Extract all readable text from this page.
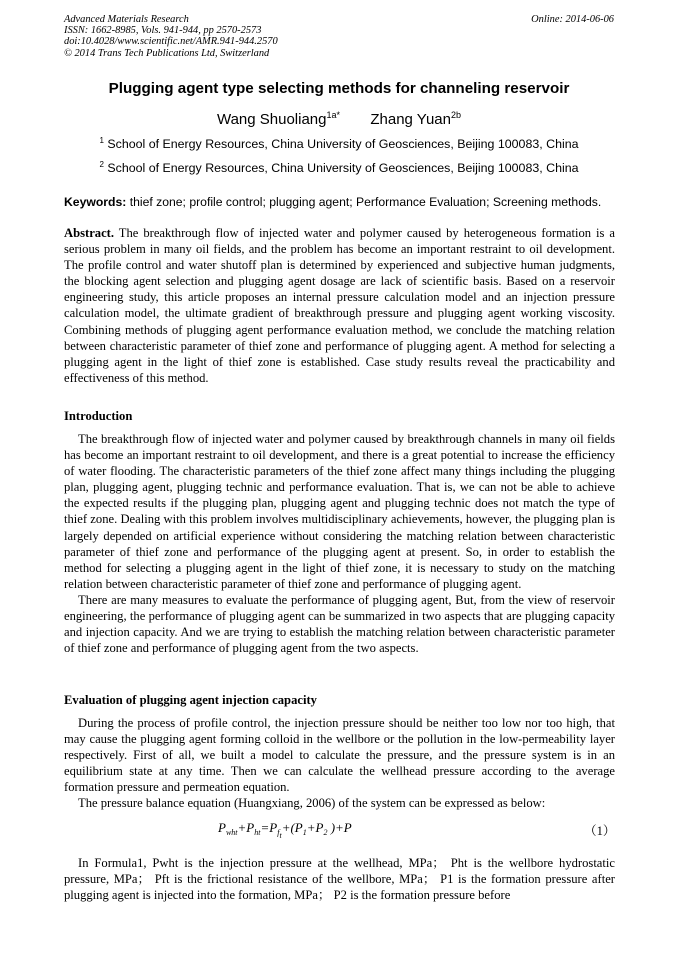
Advanced Materials Research
ISSN: 1662-8985, Vols. 941-944, pp 2570-2573
doi:10.4028/www.scientific.net/AMR.941-944.2570
© 2014 Trans Tech Publications Ltd, Switzerland
Online: 2014-06-06
Plugging agent type selecting methods for channeling reservoir
Wang Shuoliang$^{1a*}$ Zhang Yuan$^{2b}$
$^1$ School of Energy Resources, China University of Geosciences, Beijing 100083, China
$^2$ School of Energy Resources, China University of Geosciences, Beijing 100083, China
Keywords: thief zone; profile control; plugging agent; Performance Evaluation; Screening methods.

Abstract. The breakthrough flow of injected water and polymer caused by heterogeneous formation is a serious problem in many oil fields, and the problem has become an important restraint to oil development. The profile control and water shutoff plan is determined by experienced and subjective human judgments, the blocking agent selection and plugging agent dosage are lack of scientific basis. Based on a reservoir engineering study, this article proposes an internal pressure calculation model and an injection pressure calculation model, the ultimate gradient of breakthrough pressure and plugging agent working viscosity. Combining methods of plugging agent performance evaluation method, we conclude the matching relation between characteristic parameter of thief zone and performance of plugging agent. A method for selecting a plugging agent in the light of thief zone is established. Case study results reveal the practicability and effectiveness of this method.

Introduction

The breakthrough flow of injected water and polymer caused by breakthrough channels in many oil fields has become an important restraint to oil development, and there is a great potential to increase the efficiency of water flooding. The characteristic parameters of the thief zone affect many things including the plugging plan, plugging agent, plugging technic and performance evaluation. That is, we can not be able to achieve the expected results if the plugging plan, plugging agent and plugging technic does not match the type of thief zone. Dealing with this problem involves multidisciplinary achievements, however, the plugging plan is largely depended on artificial experience without considering the matching relation between characteristic parameter of thief zone and performance of the plugging agent at present. So, in order to establish the method for selecting a plugging agent in the light of thief zone, it is necessary to study on the matching relation between characteristic parameter of thief zone and performance of plugging agent.

There are many measures to evaluate the performance of plugging agent, But, from the view of reservoir engineering, the performance of plugging agent can be summarized in two aspects that are plugging capacity and injection capacity. And we are trying to establish the matching relation between characteristic parameter of thief zone and performance of plugging agent from the two aspects.

Evaluation of plugging agent injection capacity

During the process of profile control, the injection pressure should be neither too low nor too high, that may cause the plugging agent forming colloid in the wellbore or the pollution in the low-permeability layer respectively. First of all, we built a model to calculate the pressure, and the pressure system is in an equilibrium state at any time. Then we can calculate the wellhead pressure according to the average formation pressure and permeation equation.

The pressure balance equation (Huangxiang, 2006) of the system can be expressed as below:

$P_{wht}+P_{ht}=P_{f_t}+(P_1+P_2$ )+P	（1）

In Formula1, Pwht is the injection pressure at the wellhead, MPa； Pht is the wellbore hydrostatic pressure, MPa； Pft is the frictional resistance of the wellbore, MPa； P1 is the formation pressure after plugging agent is injected into the formation, MPa； P2 is the formation pressure before
